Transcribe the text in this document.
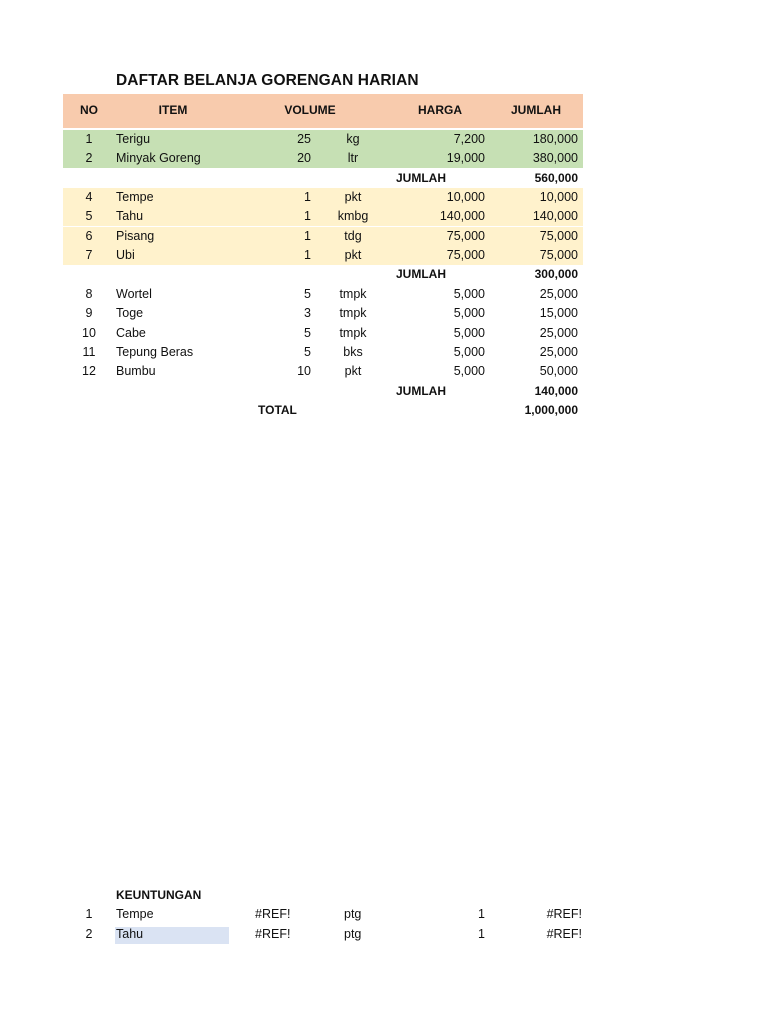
DAFTAR BELANJA GORENGAN HARIAN
NO	ITEM	VOLUME	HARGA	JUMLAH
1	Terigu	25	kg	7,200	180,000
2	Minyak Goreng	20	ltr	19,000	380,000
JUMLAH	560,000
4	Tempe	1	pkt	10,000	10,000
5	Tahu	1	kmbg	140,000	140,000
6	Pisang	1	tdg	75,000	75,000
7	Ubi	1	pkt	75,000	75,000
JUMLAH	300,000
8	Wortel	5	tmpk	5,000	25,000
9	Toge	3	tmpk	5,000	15,000
10	Cabe	5	tmpk	5,000	25,000
11	Tepung Beras	5	bks	5,000	25,000
12	Bumbu	10	pkt	5,000	50,000
JUMLAH	140,000
TOTAL	1,000,000
KEUNTUNGAN
1	Tempe	#REF!	ptg	1	#REF!
2	Tahu	#REF!	ptg	1	#REF!
